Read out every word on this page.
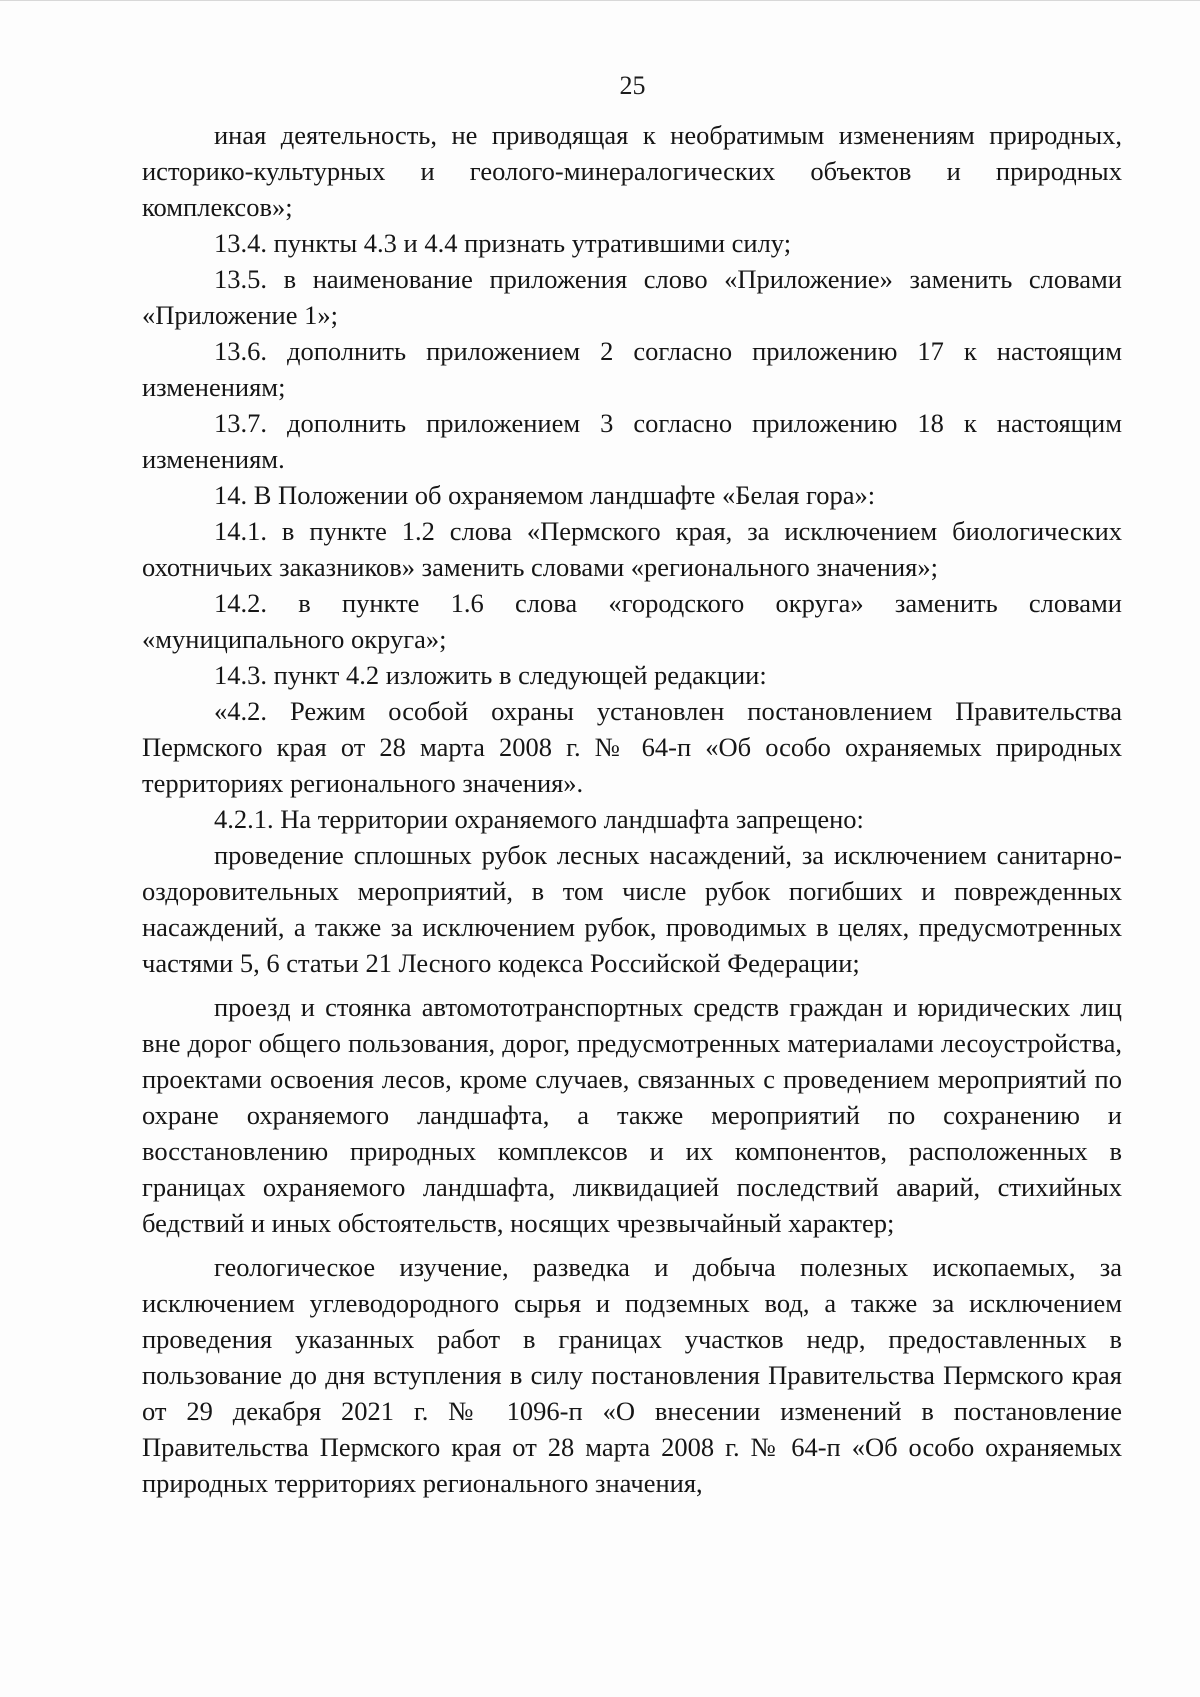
25

иная деятельность, не приводящая к необратимым изменениям природных, историко-культурных и геолого-минералогических объектов и природных комплексов»;

13.4. пункты 4.3 и 4.4 признать утратившими силу;

13.5. в наименование приложения слово «Приложение» заменить словами «Приложение 1»;

13.6. дополнить приложением 2 согласно приложению 17 к настоящим изменениям;

13.7. дополнить приложением 3 согласно приложению 18 к настоящим изменениям.

14. В Положении об охраняемом ландшафте «Белая гора»:

14.1. в пункте 1.2 слова «Пермского края, за исключением биологических охотничьих заказников» заменить словами «регионального значения»;

14.2. в пункте 1.6 слова «городского округа» заменить словами «муниципального округа»;

14.3. пункт 4.2 изложить в следующей редакции:

«4.2. Режим особой охраны установлен постановлением Правительства Пермского края от 28 марта 2008 г. № 64-п «Об особо охраняемых природных территориях регионального значения».

4.2.1. На территории охраняемого ландшафта запрещено:

проведение сплошных рубок лесных насаждений, за исключением санитарно-оздоровительных мероприятий, в том числе рубок погибших и поврежденных насаждений, а также за исключением рубок, проводимых в целях, предусмотренных частями 5, 6 статьи 21 Лесного кодекса Российской Федерации;

проезд и стоянка автомототранспортных средств граждан и юридических лиц вне дорог общего пользования, дорог, предусмотренных материалами лесоустройства, проектами освоения лесов, кроме случаев, связанных с проведением мероприятий по охране охраняемого ландшафта, а также мероприятий по сохранению и восстановлению природных комплексов и их компонентов, расположенных в границах охраняемого ландшафта, ликвидацией последствий аварий, стихийных бедствий и иных обстоятельств, носящих чрезвычайный характер;

геологическое изучение, разведка и добыча полезных ископаемых, за исключением углеводородного сырья и подземных вод, а также за исключением проведения указанных работ в границах участков недр, предоставленных в пользование до дня вступления в силу постановления Правительства Пермского края от 29 декабря 2021 г. № 1096-п «О внесении изменений в постановление Правительства Пермского края от 28 марта 2008 г. № 64-п «Об особо охраняемых природных территориях регионального значения,
